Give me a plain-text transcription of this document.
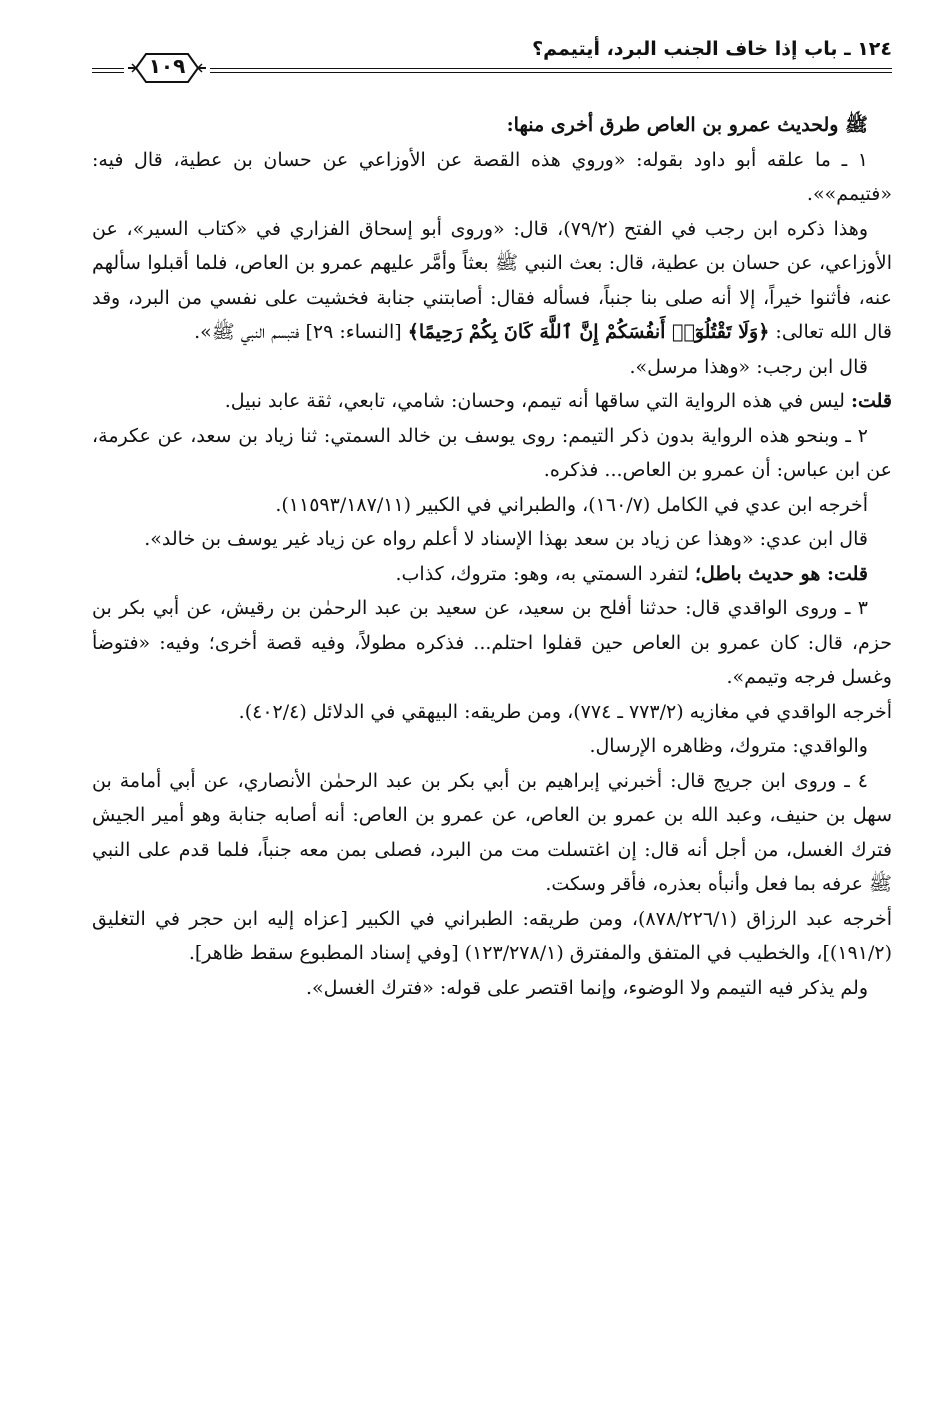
١٢٤ ـ باب إذا خاف الجنب البرد، أيتيمم؟
١٠٩

ﷺ ولحديث عمرو بن العاص طرق أخرى منها:

١ ـ ما علقه أبو داود بقوله: «وروي هذه القصة عن الأوزاعي عن حسان بن عطية، قال فيه: «فتيمم»».

وهذا ذكره ابن رجب في الفتح (٧٩/٢)، قال: «وروى أبو إسحاق الفزاري في «كتاب السير»، عن الأوزاعي، عن حسان بن عطية، قال: بعث النبي ﷺ بعثاً وأمَّر عليهم عمرو بن العاص، فلما أقبلوا سألهم عنه، فأثنوا خيراً، إلا أنه صلى بنا جنباً، فسأله فقال: أصابتني جنابة فخشيت على نفسي من البرد، وقد قال الله تعالى: ﴿وَلَا تَقْتُلُوٓا۟ أَنفُسَكُمْ إِنَّ ٱللَّهَ كَانَ بِكُمْ رَحِيمًا﴾ [النساء: ٢٩] فتبسم النبي ﷺ».

قال ابن رجب: «وهذا مرسل».

قلت: ليس في هذه الرواية التي ساقها أنه تيمم، وحسان: شامي، تابعي، ثقة عابد نبيل.

٢ ـ وبنحو هذه الرواية بدون ذكر التيمم: روى يوسف بن خالد السمتي: ثنا زياد بن سعد، عن عكرمة، عن ابن عباس: أن عمرو بن العاص... فذكره.

أخرجه ابن عدي في الكامل (١٦٠/٧)، والطبراني في الكبير (١١٥٩٣/١٨٧/١١).

قال ابن عدي: «وهذا عن زياد بن سعد بهذا الإسناد لا أعلم رواه عن زياد غير يوسف بن خالد».

قلت: هو حديث باطل؛ لتفرد السمتي به، وهو: متروك، كذاب.

٣ ـ وروى الواقدي قال: حدثنا أفلح بن سعيد، عن سعيد بن عبد الرحمٰن بن رقيش، عن أبي بكر بن حزم، قال: كان عمرو بن العاص حين قفلوا احتلم... فذكره مطولاً، وفيه قصة أخرى؛ وفيه: «فتوضأ وغسل فرجه وتيمم».

أخرجه الواقدي في مغازيه (٧٧٣/٢ ـ ٧٧٤)، ومن طريقه: البيهقي في الدلائل (٤٠٢/٤).

والواقدي: متروك، وظاهره الإرسال.

٤ ـ وروى ابن جريج قال: أخبرني إبراهيم بن أبي بكر بن عبد الرحمٰن الأنصاري، عن أبي أمامة بن سهل بن حنيف، وعبد الله بن عمرو بن العاص، عن عمرو بن العاص: أنه أصابه جنابة وهو أمير الجيش فترك الغسل، من أجل أنه قال: إن اغتسلت مت من البرد، فصلى بمن معه جنباً، فلما قدم على النبي ﷺ عرفه بما فعل وأنبأه بعذره، فأقر وسكت.

أخرجه عبد الرزاق (٨٧٨/٢٢٦/١)، ومن طريقه: الطبراني في الكبير [عزاه إليه ابن حجر في التغليق (١٩١/٢)]، والخطيب في المتفق والمفترق (١٢٣/٢٧٨/١) [وفي إسناد المطبوع سقط ظاهر].

ولم يذكر فيه التيمم ولا الوضوء، وإنما اقتصر على قوله: «فترك الغسل».
